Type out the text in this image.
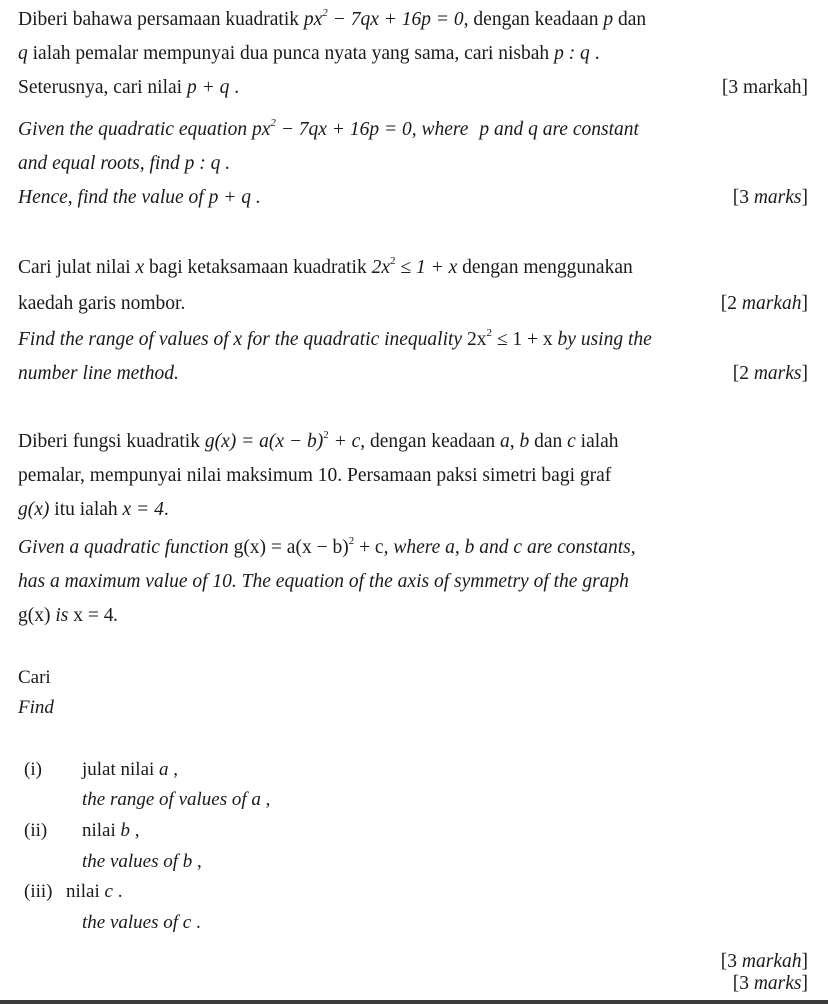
Diberi bahawa persamaan kuadratik $px^2 - 7qx + 16p = 0$, dengan keadaan p dan
q ialah pemalar mempunyai dua punca nyata yang sama, cari nisbah p : q .
Seterusnya, cari nilai p + q .	[3 markah]
Given the quadratic equation $px^2 - 7qx + 16p = 0$, where p and q are constant
and equal roots, find p : q .
Hence, find the value of p + q .	[3 marks]
Cari julat nilai x bagi ketaksamaan kuadratik $2x^2 \le 1 + x$ dengan menggunakan
kaedah garis nombor.	[2 markah]
Find the range of values of x for the quadratic inequality $2x^2 \le 1 + x$ by using the
number line method.	[2 marks]
Diberi fungsi kuadratik $g(x) = a(x - b)^2 + c$, dengan keadaan a, b dan c ialah
pemalar, mempunyai nilai maksimum 10. Persamaan paksi simetri bagi graf
g(x) itu ialah x = 4.
Given a quadratic function $g(x) = a(x - b)^2 + c$, where a, b and c are constants,
has a maximum value of 10. The equation of the axis of symmetry of the graph
g(x) is x = 4.
Cari
Find
(i) julat nilai a ,
the range of values of a ,
(ii) nilai b ,
the values of b ,
(iii) nilai c .
the values of c .
[3 markah]
[3 marks]
